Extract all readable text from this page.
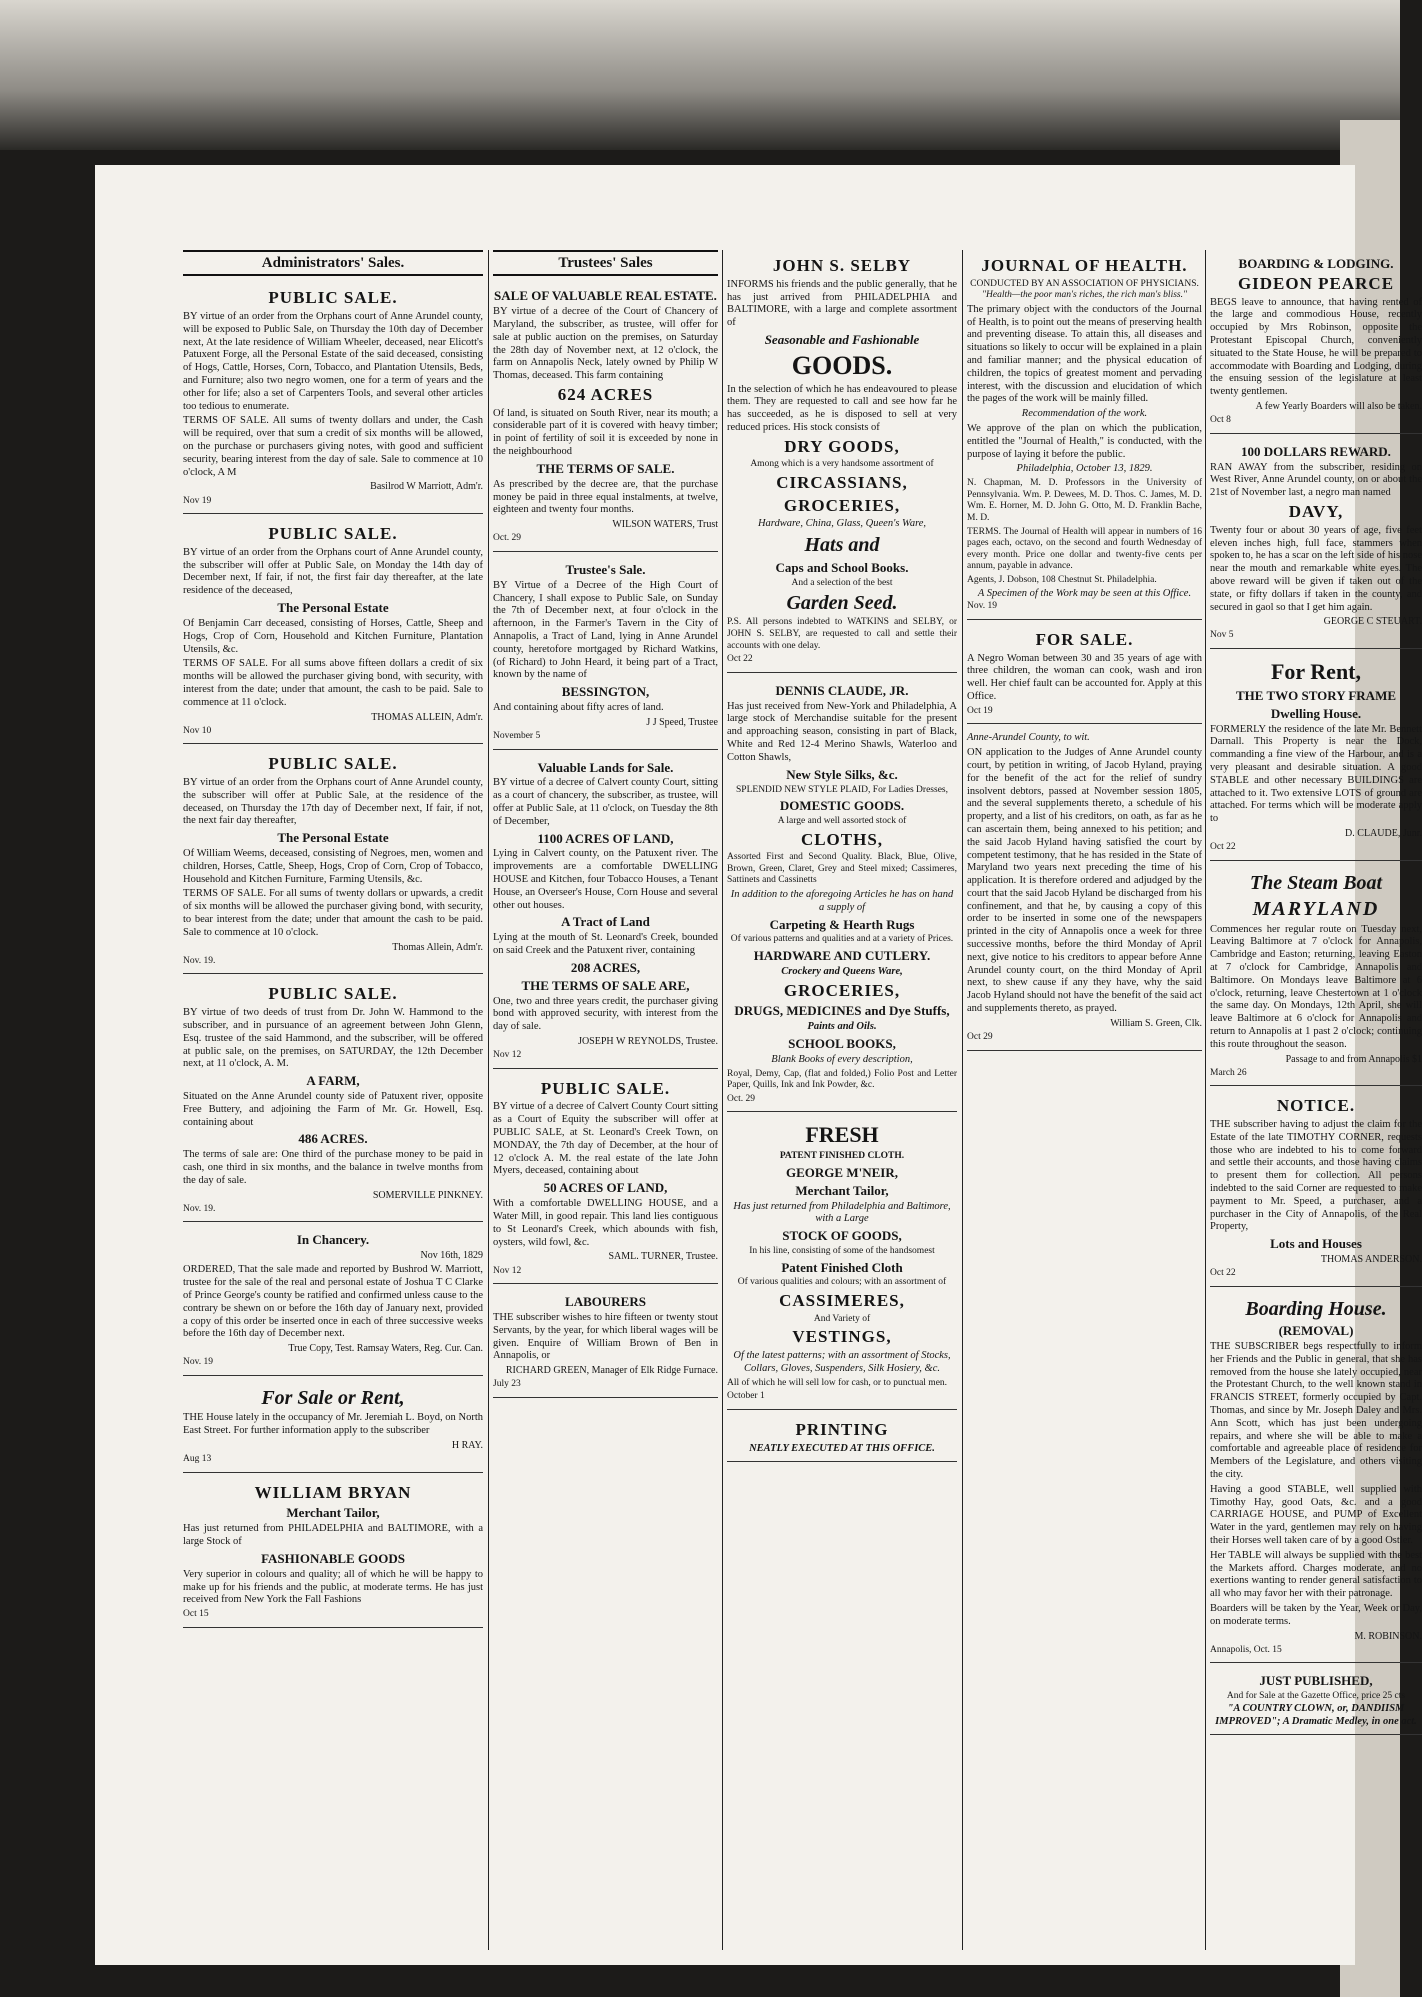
Administrators' Sales.
PUBLIC SALE.

BY virtue of an order from the Orphans court of Anne Arundel county, will be exposed to Public Sale, on Thursday the 10th day of December next, At the late residence of William Wheeler, deceased, near Elicott's Patuxent Forge, all the Personal Estate of the said deceased, consisting of Hogs, Cattle, Horses, Corn, Tobacco, and Plantation Utensils, Beds, and Furniture; also two negro women, one for a term of years and the other for life; also a set of Carpenters Tools, and several other articles too tedious to enumerate.

TERMS OF SALE. All sums of twenty dollars and under, the Cash will be required, over that sum a credit of six months will be allowed, on the purchase or purchasers giving notes, with good and sufficient security, bearing interest from the day of sale. Sale to commence at 10 o'clock, A M

Basilrod W Marriott, Adm'r.
Nov 19
PUBLIC SALE.

BY virtue of an order from the Orphans court of Anne Arundel county, the subscriber will offer at Public Sale, on Monday the 14th day of December next, If fair, if not, the first fair day thereafter, at the late residence of the deceased,

The Personal Estate

Of Benjamin Carr deceased, consisting of Horses, Cattle, Sheep and Hogs, Crop of Corn, Household and Kitchen Furniture, Plantation Utensils, &c.

TERMS OF SALE. For all sums above fifteen dollars a credit of six months will be allowed the purchaser giving bond, with security, with interest from the date; under that amount, the cash to be paid. Sale to commence at 11 o'clock.

THOMAS ALLEIN, Adm'r.
Nov 10
PUBLIC SALE.

BY virtue of an order from the Orphans court of Anne Arundel county, the subscriber will offer at Public Sale, at the residence of the deceased, on Thursday the 17th day of December next, If fair, if not, the next fair day thereafter,

The Personal Estate

Of William Weems, deceased, consisting of Negroes, men, women and children, Horses, Cattle, Sheep, Hogs, Crop of Corn, Crop of Tobacco, Household and Kitchen Furniture, Farming Utensils, &c.

TERMS OF SALE. For all sums of twenty dollars or upwards, a credit of six months will be allowed the purchaser giving bond, with security, to bear interest from the date; under that amount the cash to be paid. Sale to commence at 10 o'clock.

Thomas Allein, Adm'r.
Nov. 19.
PUBLIC SALE.

BY virtue of two deeds of trust from Dr. John W. Hammond to the subscriber, and in pursuance of an agreement between John Glenn, Esq. trustee of the said Hammond, and the subscriber, will be offered at public sale, on the premises, on SATURDAY, the 12th December next, at 11 o'clock, A. M.

A FARM,

Situated on the Anne Arundel county side of Patuxent river, opposite Free Buttery, and adjoining the Farm of Mr. Gr. Howell, Esq. containing about

486 ACRES.

The terms of sale are: One third of the purchase money to be paid in cash, one third in six months, and the balance in twelve months from the day of sale.

SOMERVILLE PINKNEY.
Nov. 19.
In Chancery.
Nov 16th, 1829

ORDERED, That the sale made and reported by Bushrod W. Marriott, trustee for the sale of the real and personal estate of Joshua T C Clarke of Prince George's county be ratified and confirmed unless cause to the contrary be shewn on or before the 16th day of January next, provided a copy of this order be inserted once in each of three successive weeks before the 16th day of December next.

True Copy, Test. Ramsay Waters, Reg. Cur. Can.
Nov. 19
For Sale or Rent,

THE House lately in the occupancy of Mr. Jeremiah L. Boyd, on North East Street. For further information apply to the subscriber

H RAY.
Aug 13
WILLIAM BRYAN
Merchant Tailor,

Has just returned from PHILADELPHIA and BALTIMORE, with a large Stock of

FASHIONABLE GOODS

Very superior in colours and quality; all of which he will be happy to make up for his friends and the public, at moderate terms. He has just received from New York the Fall Fashions

Oct 15
Trustees' Sales
SALE OF VALUABLE REAL ESTATE.

BY virtue of a decree of the Court of Chancery of Maryland, the subscriber, as trustee, will offer for sale at public auction on the premises, on Saturday the 28th day of November next, at 12 o'clock, the farm on Annapolis Neck, lately owned by Philip W Thomas, deceased. This farm containing

624 ACRES

Of land, is situated on South River, near its mouth; a considerable part of it is covered with heavy timber; in point of fertility of soil it is exceeded by none in the neighbourhood

THE TERMS OF SALE.

As prescribed by the decree are, that the purchase money be paid in three equal instalments, at twelve, eighteen and twenty four months.

WILSON WATERS, Trust
Oct. 29
Trustee's Sale.

BY Virtue of a Decree of the High Court of Chancery, I shall expose to Public Sale, on Sunday the 7th of December next, at four o'clock in the afternoon, in the Farmer's Tavern in the City of Annapolis, a Tract of Land, lying in Anne Arundel county, heretofore mortgaged by Richard Watkins, (of Richard) to John Heard, it being part of a Tract, known by the name of

BESSINGTON,

And containing about fifty acres of land.

J J Speed, Trustee
November 5
Valuable Lands for Sale.

BY virtue of a decree of Calvert county Court, sitting as a court of chancery, the subscriber, as trustee, will offer at Public Sale, at 11 o'clock, on Tuesday the 8th of December,

1100 ACRES OF LAND,

Lying in Calvert county, on the Patuxent river. The improvements are a comfortable DWELLING HOUSE and Kitchen, four Tobacco Houses, a Tenant House, an Overseer's House, Corn House and several other out houses.

A Tract of Land

Lying at the mouth of St. Leonard's Creek, bounded on said Creek and the Patuxent river, containing

208 ACRES,
THE TERMS OF SALE ARE,

One, two and three years credit, the purchaser giving bond with approved security, with interest from the day of sale.

JOSEPH W REYNOLDS, Trustee.
Nov 12
PUBLIC SALE.

BY virtue of a decree of Calvert County Court sitting as a Court of Equity the subscriber will offer at PUBLIC SALE, at St. Leonard's Creek Town, on MONDAY, the 7th day of December, at the hour of 12 o'clock A. M. the real estate of the late John Myers, deceased, containing about

50 ACRES OF LAND,

With a comfortable DWELLING HOUSE, and a Water Mill, in good repair. This land lies contiguous to St Leonard's Creek, which abounds with fish, oysters, wild fowl, &c.

SAML. TURNER, Trustee.
Nov 12
LABOURERS

THE subscriber wishes to hire fifteen or twenty stout Servants, by the year, for which liberal wages will be given. Enquire of William Brown of Ben in Annapolis, or

RICHARD GREEN, Manager of Elk Ridge Furnace.
July 23
JOHN S. SELBY

INFORMS his friends and the public generally, that he has just arrived from PHILADELPHIA and BALTIMORE, with a large and complete assortment of

Seasonable and Fashionable
GOODS.

In the selection of which he has endeavoured to please them. They are requested to call and see how far he has succeeded, as he is disposed to sell at very reduced prices. His stock consists of

DRY GOODS,
Among which is a very handsome assortment of
CIRCASSIANS,
GROCERIES,
Hardware, China, Glass, Queen's Ware,
Hats and
Caps and School Books.
And a selection of the best
Garden Seed.

P.S. All persons indebted to WATKINS and SELBY, or JOHN S. SELBY, are requested to call and settle their accounts with one delay.

Oct 22
DENNIS CLAUDE, JR.

Has just received from New-York and Philadelphia, A large stock of Merchandise suitable for the present and approaching season, consisting in part of Black, White and Red 12-4 Merino Shawls, Waterloo and Cotton Shawls,

New Style Silks, &c.
SPLENDID NEW STYLE PLAID, For Ladies Dresses,
DOMESTIC GOODS.
A large and well assorted stock of
CLOTHS,

Assorted First and Second Quality. Black, Blue, Olive, Brown, Green, Claret, Grey and Steel mixed; Cassimeres, Sattinets and Cassinetts

In addition to the aforegoing Articles he has on hand a supply of
Carpeting & Hearth Rugs
Of various patterns and qualities and at a variety of Prices.
HARDWARE AND CUTLERY.
Crockery and Queens Ware,
GROCERIES,
DRUGS, MEDICINES and Dye Stuffs,
Paints and Oils.
SCHOOL BOOKS,
Blank Books of every description,

Royal, Demy, Cap, (flat and folded,) Folio Post and Letter Paper, Quills, Ink and Ink Powder, &c.

Oct. 29
FRESH
PATENT FINISHED CLOTH.
GEORGE M'NEIR,
Merchant Tailor,
Has just returned from Philadelphia and Baltimore, with a Large
STOCK OF GOODS,
In his line, consisting of some of the handsomest
Patent Finished Cloth
Of various qualities and colours; with an assortment of
CASSIMERES,
And Variety of
VESTINGS,
Of the latest patterns; with an assortment of Stocks, Collars, Gloves, Suspenders, Silk Hosiery, &c.

All of which he will sell low for cash, or to punctual men.

October 1
PRINTING
NEATLY EXECUTED AT THIS OFFICE.
JOURNAL OF HEALTH.
CONDUCTED BY AN ASSOCIATION OF PHYSICIANS.
"Health—the poor man's riches, the rich man's bliss."

The primary object with the conductors of the Journal of Health, is to point out the means of preserving health and preventing disease. To attain this, all diseases and situations so likely to occur will be explained in a plain and familiar manner; and the physical education of children, the topics of greatest moment and pervading interest, with the discussion and elucidation of which the pages of the work will be mainly filled.

Recommendation of the work.

We approve of the plan on which the publication, entitled the "Journal of Health," is conducted, with the purpose of laying it before the public.

Philadelphia, October 13, 1829.

N. Chapman, M. D. Professors in the University of Pennsylvania. Wm. P. Dewees, M. D. Thos. C. James, M. D. Wm. E. Horner, M. D. John G. Otto, M. D. Franklin Bache, M. D.

TERMS. The Journal of Health will appear in numbers of 16 pages each, octavo, on the second and fourth Wednesday of every month. Price one dollar and twenty-five cents per annum, payable in advance.

Agents, J. Dobson, 108 Chestnut St. Philadelphia.

A Specimen of the Work may be seen at this Office.
Nov. 19
FOR SALE.

A Negro Woman between 30 and 35 years of age with three children, the woman can cook, wash and iron well. Her chief fault can be accounted for. Apply at this Office.

Oct 19
Anne-Arundel County, to wit.

ON application to the Judges of Anne Arundel county court, by petition in writing, of Jacob Hyland, praying for the benefit of the act for the relief of sundry insolvent debtors, passed at November session 1805, and the several supplements thereto, a schedule of his property, and a list of his creditors, on oath, as far as he can ascertain them, being annexed to his petition; and the said Jacob Hyland having satisfied the court by competent testimony, that he has resided in the State of Maryland two years next preceding the time of his application. It is therefore ordered and adjudged by the court that the said Jacob Hyland be discharged from his confinement, and that he, by causing a copy of this order to be inserted in some one of the newspapers printed in the city of Annapolis once a week for three successive months, before the third Monday of April next, give notice to his creditors to appear before Anne Arundel county court, on the third Monday of April next, to shew cause if any they have, why the said Jacob Hyland should not have the benefit of the said act and supplements thereto, as prayed.

William S. Green, Clk.
Oct 29
BOARDING & LODGING.
GIDEON PEARCE

BEGS leave to announce, that having rented of the large and commodious House, recently occupied by Mrs Robinson, opposite the Protestant Episcopal Church, conveniently situated to the State House, he will be prepared to accommodate with Boarding and Lodging, during the ensuing session of the legislature at least twenty gentlemen.

A few Yearly Boarders will also be taken.
Oct 8
100 DOLLARS REWARD.

RAN AWAY from the subscriber, residing on West River, Anne Arundel county, on or about the 21st of November last, a negro man named

DAVY,

Twenty four or about 30 years of age, five feet eleven inches high, full face, stammers when spoken to, he has a scar on the left side of his nose near the mouth and remarkable white eyes. The above reward will be given if taken out of the state, or fifty dollars if taken in the county, and secured in gaol so that I get him again.

GEORGE C STEUART.
Nov 5
For Rent,
THE TWO STORY FRAME
Dwelling House.

FORMERLY the residence of the late Mr. Bennett Darnall. This Property is near the Dock, commanding a fine view of the Harbour, and is a very pleasant and desirable situation. A good STABLE and other necessary BUILDINGS are attached to it. Two extensive LOTS of ground are attached. For terms which will be moderate apply to

D. CLAUDE, Junr.
Oct 22
The Steam Boat
MARYLAND

Commences her regular route on Tuesday next, Leaving Baltimore at 7 o'clock for Annapolis, Cambridge and Easton; returning, leaving Easton at 7 o'clock for Cambridge, Annapolis and Baltimore. On Mondays leave Baltimore at 6 o'clock, returning, leave Chestertown at 1 o'clock the same day. On Mondays, 12th April, she will leave Baltimore at 6 o'clock for Annapolis and return to Annapolis at 1 past 2 o'clock; continuing this route throughout the season.

Passage to and from Annapolis $1
March 26
NOTICE.

THE subscriber having to adjust the claim for the Estate of the late TIMOTHY CORNER, requests those who are indebted to his to come forward and settle their accounts, and those having claims to present them for collection. All persons indebted to the said Corner are requested to make payment to Mr. Speed, a purchaser, and a purchaser in the City of Annapolis, of the Real Property,

Lots and Houses
THOMAS ANDERSON.
Oct 22
Boarding House.
(REMOVAL)

THE SUBSCRIBER begs respectfully to inform her Friends and the Public in general, that she has removed from the house she lately occupied, near the Protestant Church, to the well known stand in FRANCIS STREET, formerly occupied by Capt. Thomas, and since by Mr. Joseph Daley and Mrs. Ann Scott, which has just been undergoing repairs, and where she will be able to make a comfortable and agreeable place of residence for Members of the Legislature, and others visiting the city.

Having a good STABLE, well supplied with Timothy Hay, good Oats, &c. and a good CARRIAGE HOUSE, and PUMP of Excellent Water in the yard, gentlemen may rely on having their Horses well taken care of by a good Ostler.

Her TABLE will always be supplied with the best the Markets afford. Charges moderate, and no exertions wanting to render general satisfaction to all who may favor her with their patronage.

Boarders will be taken by the Year, Week or Day, on moderate terms.

M. ROBINSON.
Annapolis, Oct. 15
JUST PUBLISHED,
And for Sale at the Gazette Office, price 25 cts
"A COUNTRY CLOWN, or, DANDIISM IMPROVED"; A Dramatic Medley, in one act.
